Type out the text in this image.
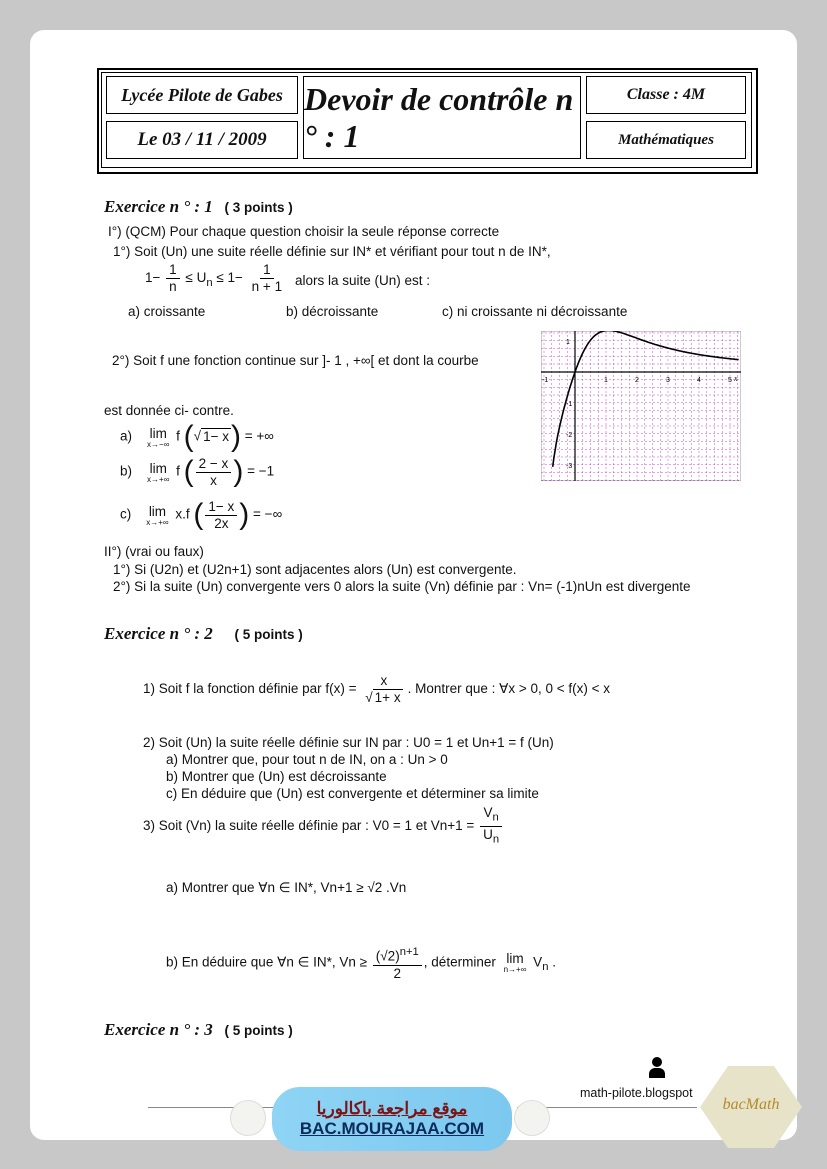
Lycée Pilote de Gabes
Le 03 / 11 / 2009
Devoir de contrôle n ° : 1
Classe : 4M
Mathématiques
Exercice n ° : 1 ( 3 points )
I°) (QCM) Pour chaque question choisir la seule réponse correcte
1°) Soit (Un) une suite réelle définie sur IN* et vérifiant pour tout n de IN*,
$1- \frac{1}{n} \le U_n \le 1- \frac{1}{n + 1}$ alors la suite (Un) est :
a) croissante	b) décroissante	c) ni croissante ni décroissante
2°) Soit f une fonction continue sur ]- 1 , +∞[ et dont la courbe
est donnée ci- contre.
-1	1	2	3	4	5
1
-1
-2
-3
x
a) lim
x→−∞
f (√ 1− x) = +∞
b) lim
x→+∞
f ( $\frac{2 - x}{x}$ ) = −1
c) lim
x→+∞
x.f ( $\frac{1- x}{2x}$ ) = −∞
II°) (vrai ou faux)
1°) Si (U2n) et (U2n+1) sont adjacentes alors (Un) est convergente.
2°) Si la suite (Un) convergente vers 0 alors la suite (Vn) définie par : Vn= (-1)nUn est divergente
Exercice n ° : 2 ( 5 points )
1) Soit f la fonction définie par $f(x) = \frac{x}{√ 1+ x}$ . Montrer que : ∀x > 0, 0 < f(x) < x
2) Soit (Un) la suite réelle définie sur IN par : U0 = 1 et Un+1 = f (Un)
a) Montrer que, pour tout n de IN, on a : Un > 0
b) Montrer que (Un) est décroissante
c) En déduire que (Un) est convergente et déterminer sa limite
3) Soit (Vn) la suite réelle définie par : V0 = 1 et $Vn+1 = \frac{V_n}{U_n}$
a) Montrer que ∀n ∈ IN*, Vn+1 ≥ √2 .Vn
b) En déduire que ∀n ∈ IN*, $Vn \ge \frac{(√2)^{n+1}}{2}$ , déterminer lim
n→+∞
$V_n$ .
Exercice n ° : 3 ( 5 points )
math-pilote.blogspot
موقع مراجعة باكالوريا
BAC.MOURAJAA.COM
bacMath
